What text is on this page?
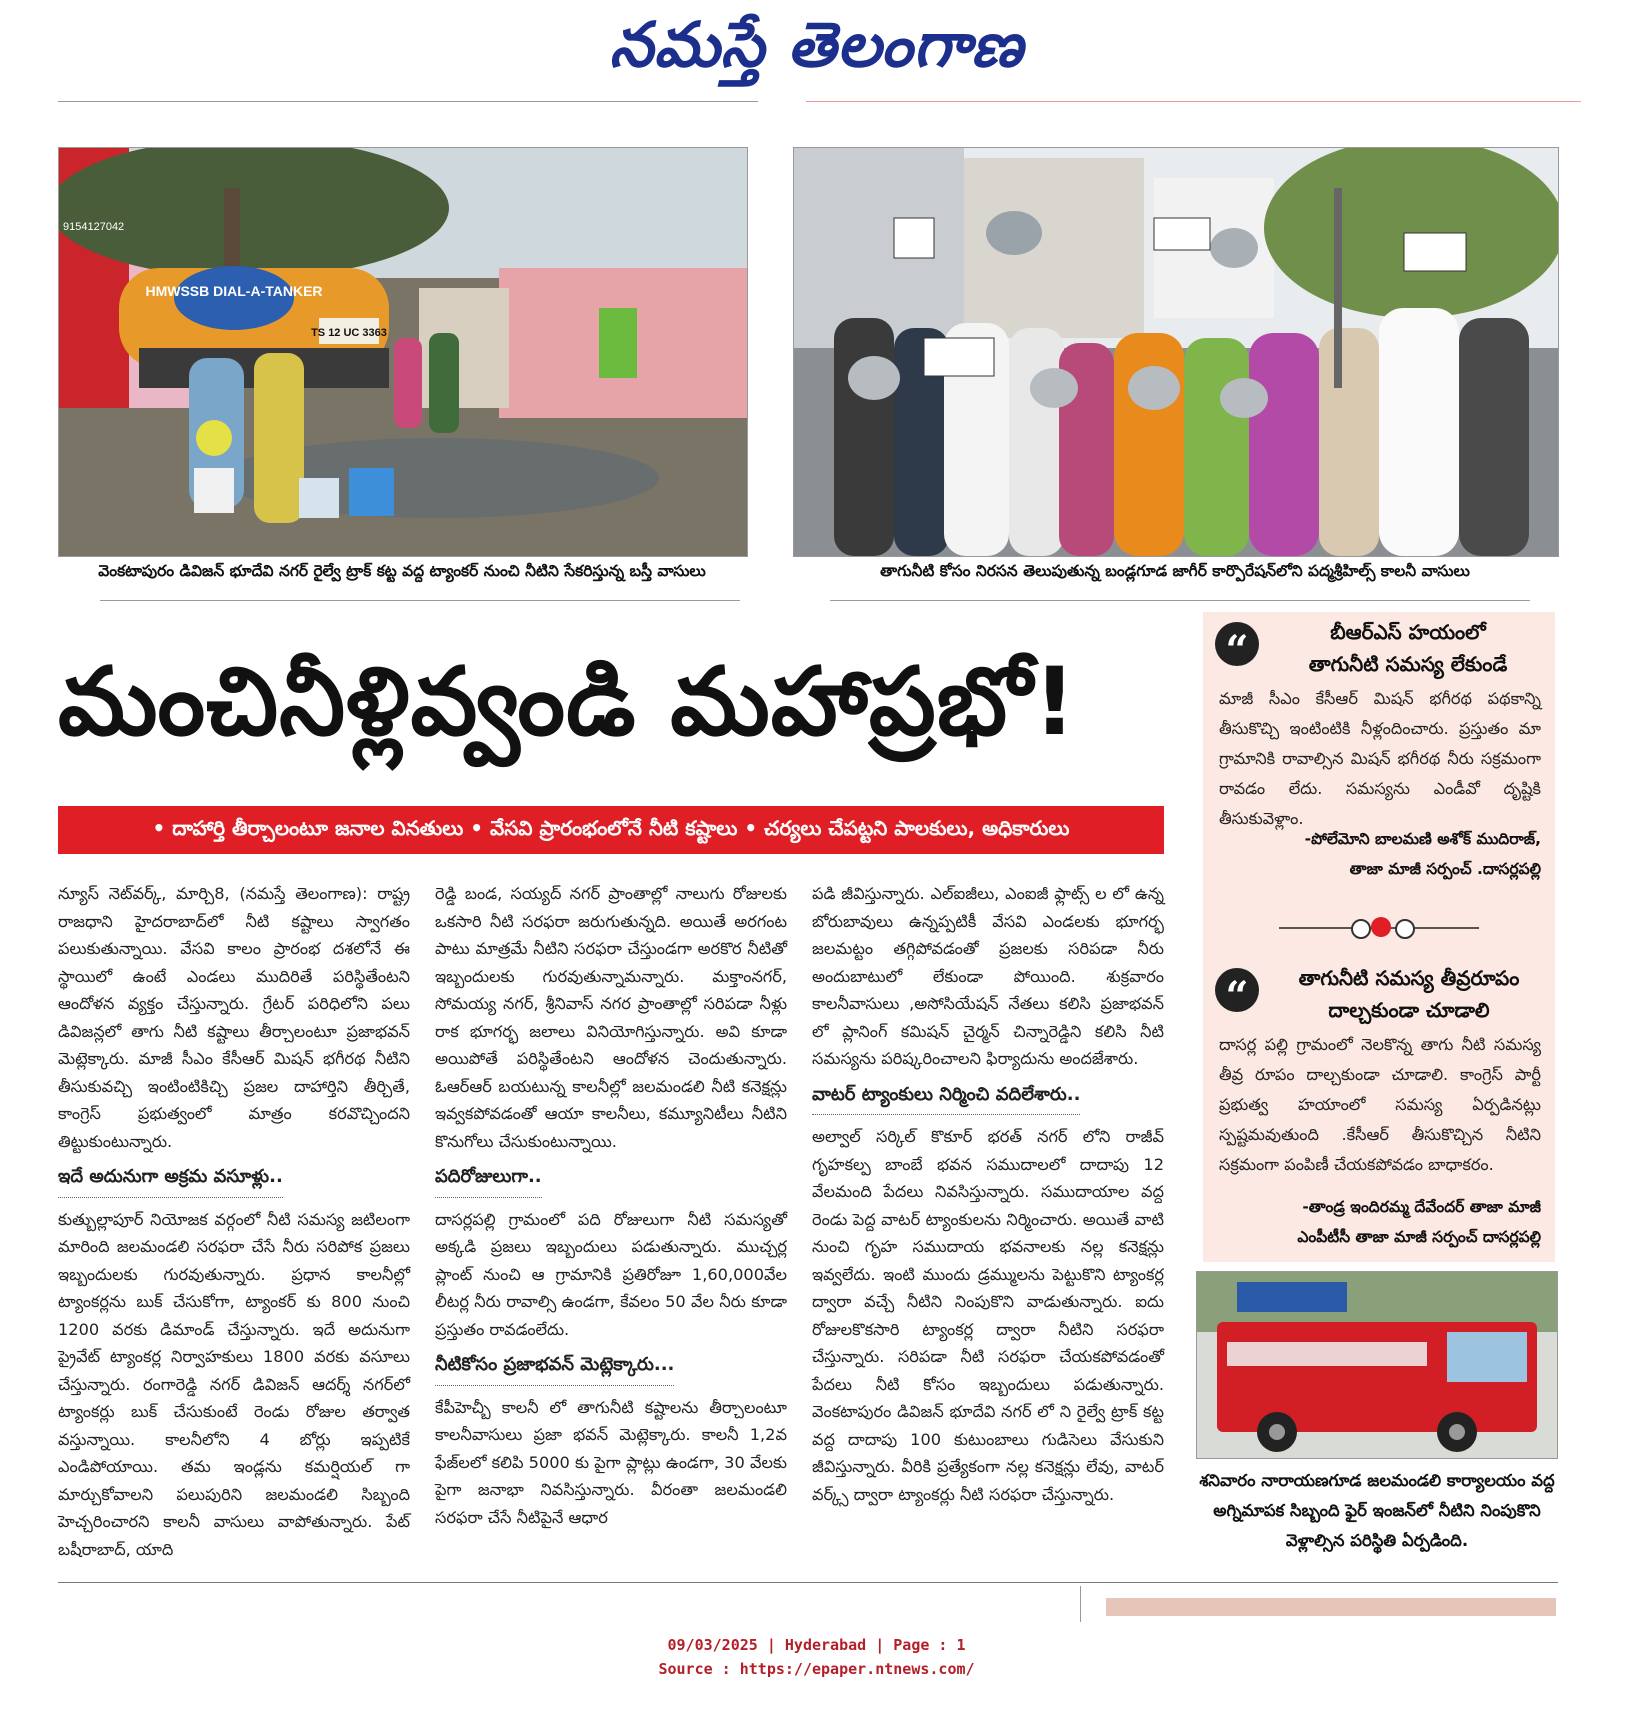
నమస్తే తెలంగాణ
HMWSSB DIAL-A-TANKER
TS 12 UC 3363
9154127042
వెంకటాపురం డివిజన్ భూదేవి నగర్ రైల్వే ట్రాక్ కట్ట వద్ద ట్యాంకర్ నుంచి నీటిని సేకరిస్తున్న బస్తీ వాసులు	తాగునీటి కోసం నిరసన తెలుపుతున్న బండ్లగూడ జాగీర్ కార్పొరేషన్‌లోని పద్మశ్రీహిల్స్ కాలనీ వాసులు
మంచినీళ్లివ్వండి మహాప్రభో!
• దాహార్తి తీర్చాలంటూ జనాల వినతులు • వేసవి ప్రారంభంలోనే నీటి కష్టాలు • చర్యలు చేపట్టని పాలకులు, అధికారులు

న్యూస్ నెట్‌వర్క్, మార్చి8, (నమస్తే తెలంగాణ): రాష్ట్ర రాజధాని హైదరాబాద్‌లో నీటి కష్టాలు స్వాగతం పలుకుతున్నాయి. వేసవి కాలం ప్రారంభ దశలోనే ఈ స్థాయిలో ఉంటే ఎండలు ముదిరితే పరిస్థితేంటని ఆందోళన వ్యక్తం చేస్తున్నారు. గ్రేటర్ పరిధిలోని పలు డివిజన్లలో తాగు నీటి కష్టాలు తీర్చాలంటూ ప్రజాభవన్ మెట్లెక్కారు. మాజీ సీఎం కేసీఆర్ మిషన్ భగీరథ నీటిని తీసుకువచ్చి ఇంటింటికిచ్చి ప్రజల దాహార్తిని తీర్చితే, కాంగ్రెస్ ప్రభుత్వంలో మాత్రం కరవొచ్చిందని తిట్టుకుంటున్నారు.

ఇదే అదునుగా అక్రమ వసూళ్లు..

కుత్బుల్లాపూర్ నియోజక వర్గంలో నీటి సమస్య జటిలంగా మారింది జలమండలి సరఫరా చేసే నీరు సరిపోక ప్రజలు ఇబ్బందులకు గురవుతున్నారు. ప్రధాన కాలనీల్లో ట్యాంకర్లను బుక్ చేసుకోగా, ట్యాంకర్ కు 800 నుంచి 1200 వరకు డిమాండ్ చేస్తున్నారు. ఇదే అదునుగా ప్రైవేట్ ట్యాంకర్ల నిర్వాహకులు 1800 వరకు వసూలు చేస్తున్నారు. రంగారెడ్డి నగర్ డివిజన్ ఆదర్శ్ నగర్‌లో ట్యాంకర్లు బుక్ చేసుకుంటే రెండు రోజుల తర్వాత వస్తున్నాయి. కాలనీలోని 4 బోర్లు ఇప్పటికే ఎండిపోయాయి. తమ ఇండ్లను కమర్షియల్ గా మార్చుకోవాలని పలుపురిని జలమండలి సిబ్బంది హెచ్చరించారని కాలనీ వాసులు వాపోతున్నారు. పేట్ బషీరాబాద్, యాది

రెడ్డి బండ, సయ్యద్ నగర్ ప్రాంతాల్లో నాలుగు రోజులకు ఒకసారి నీటి సరఫరా జరుగుతున్నది. అయితే అరగంట పాటు మాత్రమే నీటిని సరఫరా చేస్తుండగా అరకొర నీటితో ఇబ్బందులకు గురవుతున్నామన్నారు. మక్తాంనగర్, సోమయ్య నగర్, శ్రీనివాస్ నగర ప్రాంతాల్లో సరిపడా నీళ్లు రాక భూగర్భ జలాలు వినియోగిస్తున్నారు. అవి కూడా అయిపోతే పరిస్థితేంటని ఆందోళన చెందుతున్నారు. ఓఆర్ఆర్ బయటున్న కాలనీల్లో జలమండలి నీటి కనెక్షన్లు ఇవ్వకపోవడంతో ఆయా కాలనీలు, కమ్యూనిటీలు నీటిని కొనుగోలు చేసుకుంటున్నాయి.

పదిరోజులుగా..

దాసర్లపల్లి గ్రామంలో పది రోజులుగా నీటి సమస్యతో అక్కడి ప్రజలు ఇబ్బందులు పడుతున్నారు. ముచ్చర్ల ప్లాంట్ నుంచి ఆ గ్రామానికి ప్రతిరోజూ 1,60,000వేల లీటర్ల నీరు రావాల్సి ఉండగా, కేవలం 50 వేల నీరు కూడా ప్రస్తుతం రావడంలేదు.

నీటికోసం ప్రజాభవన్ మెట్లెక్కారు...

కేపీహెచ్బీ కాలనీ లో తాగునీటి కష్టాలను తీర్చాలంటూ కాలనీవాసులు ప్రజా భవన్ మెట్లెక్కారు. కాలనీ 1,2వ ఫేజ్‌లలో కలిపి 5000 కు పైగా ప్లాట్లు ఉండగా, 30 వేలకు పైగా జనాభా నివసిస్తున్నారు. వీరంతా జలమండలి సరఫరా చేసే నీటిపైనే ఆధార

పడి జీవిస్తున్నారు. ఎల్ఐజీలు, ఎంఐజీ ఫ్లాట్స్ ల లో ఉన్న బోరుబావులు ఉన్నప్పటికీ వేసవి ఎండలకు భూగర్భ జలమట్టం తగ్గిపోవడంతో ప్రజలకు సరిపడా నీరు అందుబాటులో లేకుండా పోయింది. శుక్రవారం కాలనీవాసులు ,అసోసియేషన్ నేతలు కలిసి ప్రజాభవన్ లో ప్లానింగ్ కమిషన్ చైర్మన్ చిన్నారెడ్డిని కలిసి నీటి సమస్యను పరిష్కరించాలని ఫిర్యాదును అందజేశారు.

వాటర్ ట్యాంకులు నిర్మించి వదిలేశారు..

అల్వాల్ సర్కిల్ కొకూర్ భరత్ నగర్ లోని రాజీవ్ గృహకల్ప బాంబే భవన సముదాలలో దాదాపు 12 వేలమంది పేదలు నివసిస్తున్నారు. సముదాయాల వద్ద రెండు పెద్ద వాటర్ ట్యాంకులను నిర్మించారు. అయితే వాటి నుంచి గృహ సముదాయ భవనాలకు నల్ల కనెక్షన్లు ఇవ్వలేదు. ఇంటి ముందు డ్రమ్ములను పెట్టుకొని ట్యాంకర్ల ద్వారా వచ్చే నీటిని నింపుకొని వాడుతున్నారు. ఐదు రోజులకొకసారి ట్యాంకర్ల ద్వారా నీటిని సరఫరా చేస్తున్నారు. సరిపడా నీటి సరఫరా చేయకపోవడంతో పేదలు నీటి కోసం ఇబ్బందులు పడుతున్నారు. వెంకటాపురం డివిజన్ భూదేవి నగర్ లో ని రైల్వే ట్రాక్ కట్ట వద్ద దాదాపు 100 కుటుంబాలు గుడిసెలు వేసుకుని జీవిస్తున్నారు. వీరికి ప్రత్యేకంగా నల్ల కనెక్షన్లు లేవు, వాటర్ వర్క్స్ ద్వారా ట్యాంకర్లు నీటి సరఫరా చేస్తున్నారు.

“	బీఆర్ఎస్ హయంలో
తాగునీటి సమస్య లేకుండే
మాజీ సీఎం కేసీఆర్ మిషన్ భగీరథ పథకాన్ని తీసుకొచ్చి ఇంటింటికి నీళ్లందించారు. ప్రస్తుతం మా గ్రామానికి రావాల్సిన మిషన్ భగీరథ నీరు సక్రమంగా రావడం లేదు. సమస్యను ఎండీవో దృష్టికి తీసుకువెళ్లాం.
-పోలేమోని బాలమణి అశోక్ ముదిరాజ్,
తాజా మాజీ సర్పంచ్ .దాసర్లపల్లి
“	తాగునీటి సమస్య తీవ్రరూపం
దాల్చకుండా చూడాలి
దాసర్ల పల్లి గ్రామంలో నెలకొన్న తాగు నీటి సమస్య తీవ్ర రూపం దాల్చకుండా చూడాలి. కాంగ్రెస్ పార్టీ ప్రభుత్వ హయాంలో సమస్య ఏర్పడినట్లు స్పష్టమవుతుంది .కేసీఆర్ తీసుకొచ్చిన నీటిని సక్రమంగా పంపిణీ చేయకపోవడం బాధాకరం.
-తాండ్ర ఇందిరమ్మ దేవేందర్ తాజా మాజీ
ఎంపీటీసీ తాజా మాజీ సర్పంచ్ దాసర్లపల్లి
శనివారం నారాయణగూడ జలమండలి కార్యాలయం వద్ద అగ్నిమాపక సిబ్బంది ఫైర్ ఇంజన్‌లో నీటిని నింపుకొని వెళ్లాల్సిన పరిస్థితి ఏర్పడింది.
09/03/2025 | Hyderabad | Page : 1
Source : https://epaper.ntnews.com/
